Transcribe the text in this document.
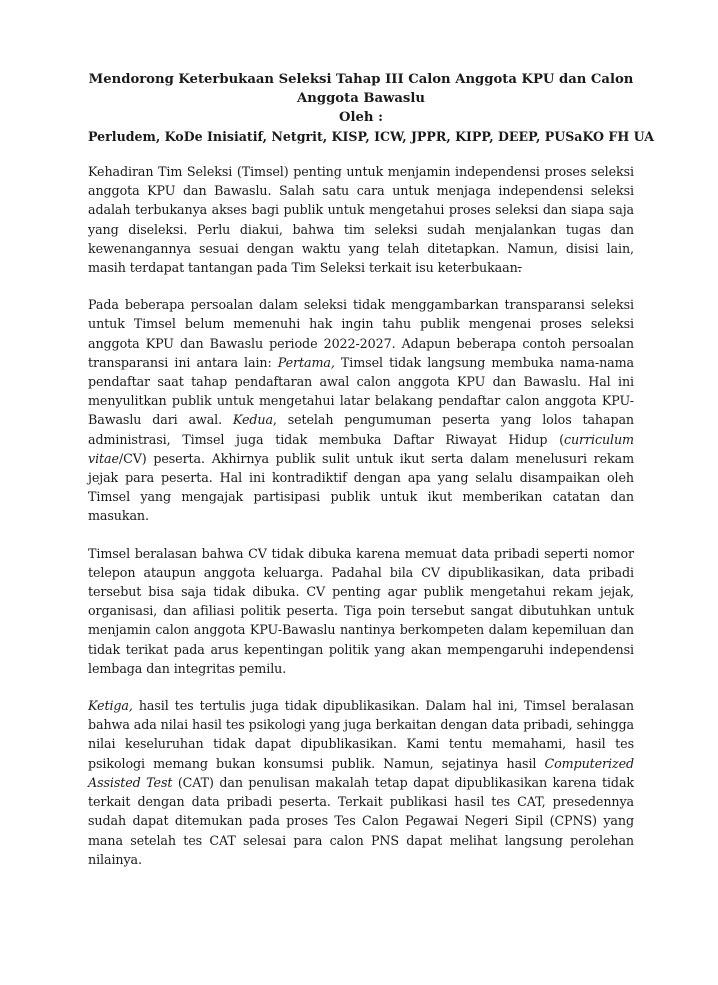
Mendorong Keterbukaan Seleksi Tahap III Calon Anggota KPU dan Calon Anggota Bawaslu
Oleh :
Perludem, KoDe Inisiatif, Netgrit, KISP, ICW, JPPR, KIPP, DEEP, PUSaKO FH UA

Kehadiran Tim Seleksi (Timsel) penting untuk menjamin independensi proses seleksi anggota KPU dan Bawaslu. Salah satu cara untuk menjaga independensi seleksi adalah terbukanya akses bagi publik untuk mengetahui proses seleksi dan siapa saja yang diseleksi. Perlu diakui, bahwa tim seleksi sudah menjalankan tugas dan kewenangannya sesuai dengan waktu yang telah ditetapkan. Namun, disisi lain, masih terdapat tantangan pada Tim Seleksi terkait isu keterbukaan.

Pada beberapa persoalan dalam seleksi tidak menggambarkan transparansi seleksi untuk Timsel belum memenuhi hak ingin tahu publik mengenai proses seleksi anggota KPU dan Bawaslu periode 2022-2027. Adapun beberapa contoh persoalan transparansi ini antara lain: Pertama, Timsel tidak langsung membuka nama-nama pendaftar saat tahap pendaftaran awal calon anggota KPU dan Bawaslu. Hal ini menyulitkan publik untuk mengetahui latar belakang pendaftar calon anggota KPU-Bawaslu dari awal. Kedua, setelah pengumuman peserta yang lolos tahapan administrasi, Timsel juga tidak membuka Daftar Riwayat Hidup (curriculum vitae/CV) peserta. Akhirnya publik sulit untuk ikut serta dalam menelusuri rekam jejak para peserta. Hal ini kontradiktif dengan apa yang selalu disampaikan oleh Timsel yang mengajak partisipasi publik untuk ikut memberikan catatan dan masukan.

Timsel beralasan bahwa CV tidak dibuka karena memuat data pribadi seperti nomor telepon ataupun anggota keluarga. Padahal bila CV dipublikasikan, data pribadi tersebut bisa saja tidak dibuka. CV penting agar publik mengetahui rekam jejak, organisasi, dan afiliasi politik peserta. Tiga poin tersebut sangat dibutuhkan untuk menjamin calon anggota KPU-Bawaslu nantinya berkompeten dalam kepemiluan dan tidak terikat pada arus kepentingan politik yang akan mempengaruhi independensi lembaga dan integritas pemilu.

Ketiga, hasil tes tertulis juga tidak dipublikasikan. Dalam hal ini, Timsel beralasan bahwa ada nilai hasil tes psikologi yang juga berkaitan dengan data pribadi, sehingga nilai keseluruhan tidak dapat dipublikasikan. Kami tentu memahami, hasil tes psikologi memang bukan konsumsi publik. Namun, sejatinya hasil Computerized Assisted Test (CAT) dan penulisan makalah tetap dapat dipublikasikan karena tidak terkait dengan data pribadi peserta. Terkait publikasi hasil tes CAT, presedennya sudah dapat ditemukan pada proses Tes Calon Pegawai Negeri Sipil (CPNS) yang mana setelah tes CAT selesai para calon PNS dapat melihat langsung perolehan nilainya.
